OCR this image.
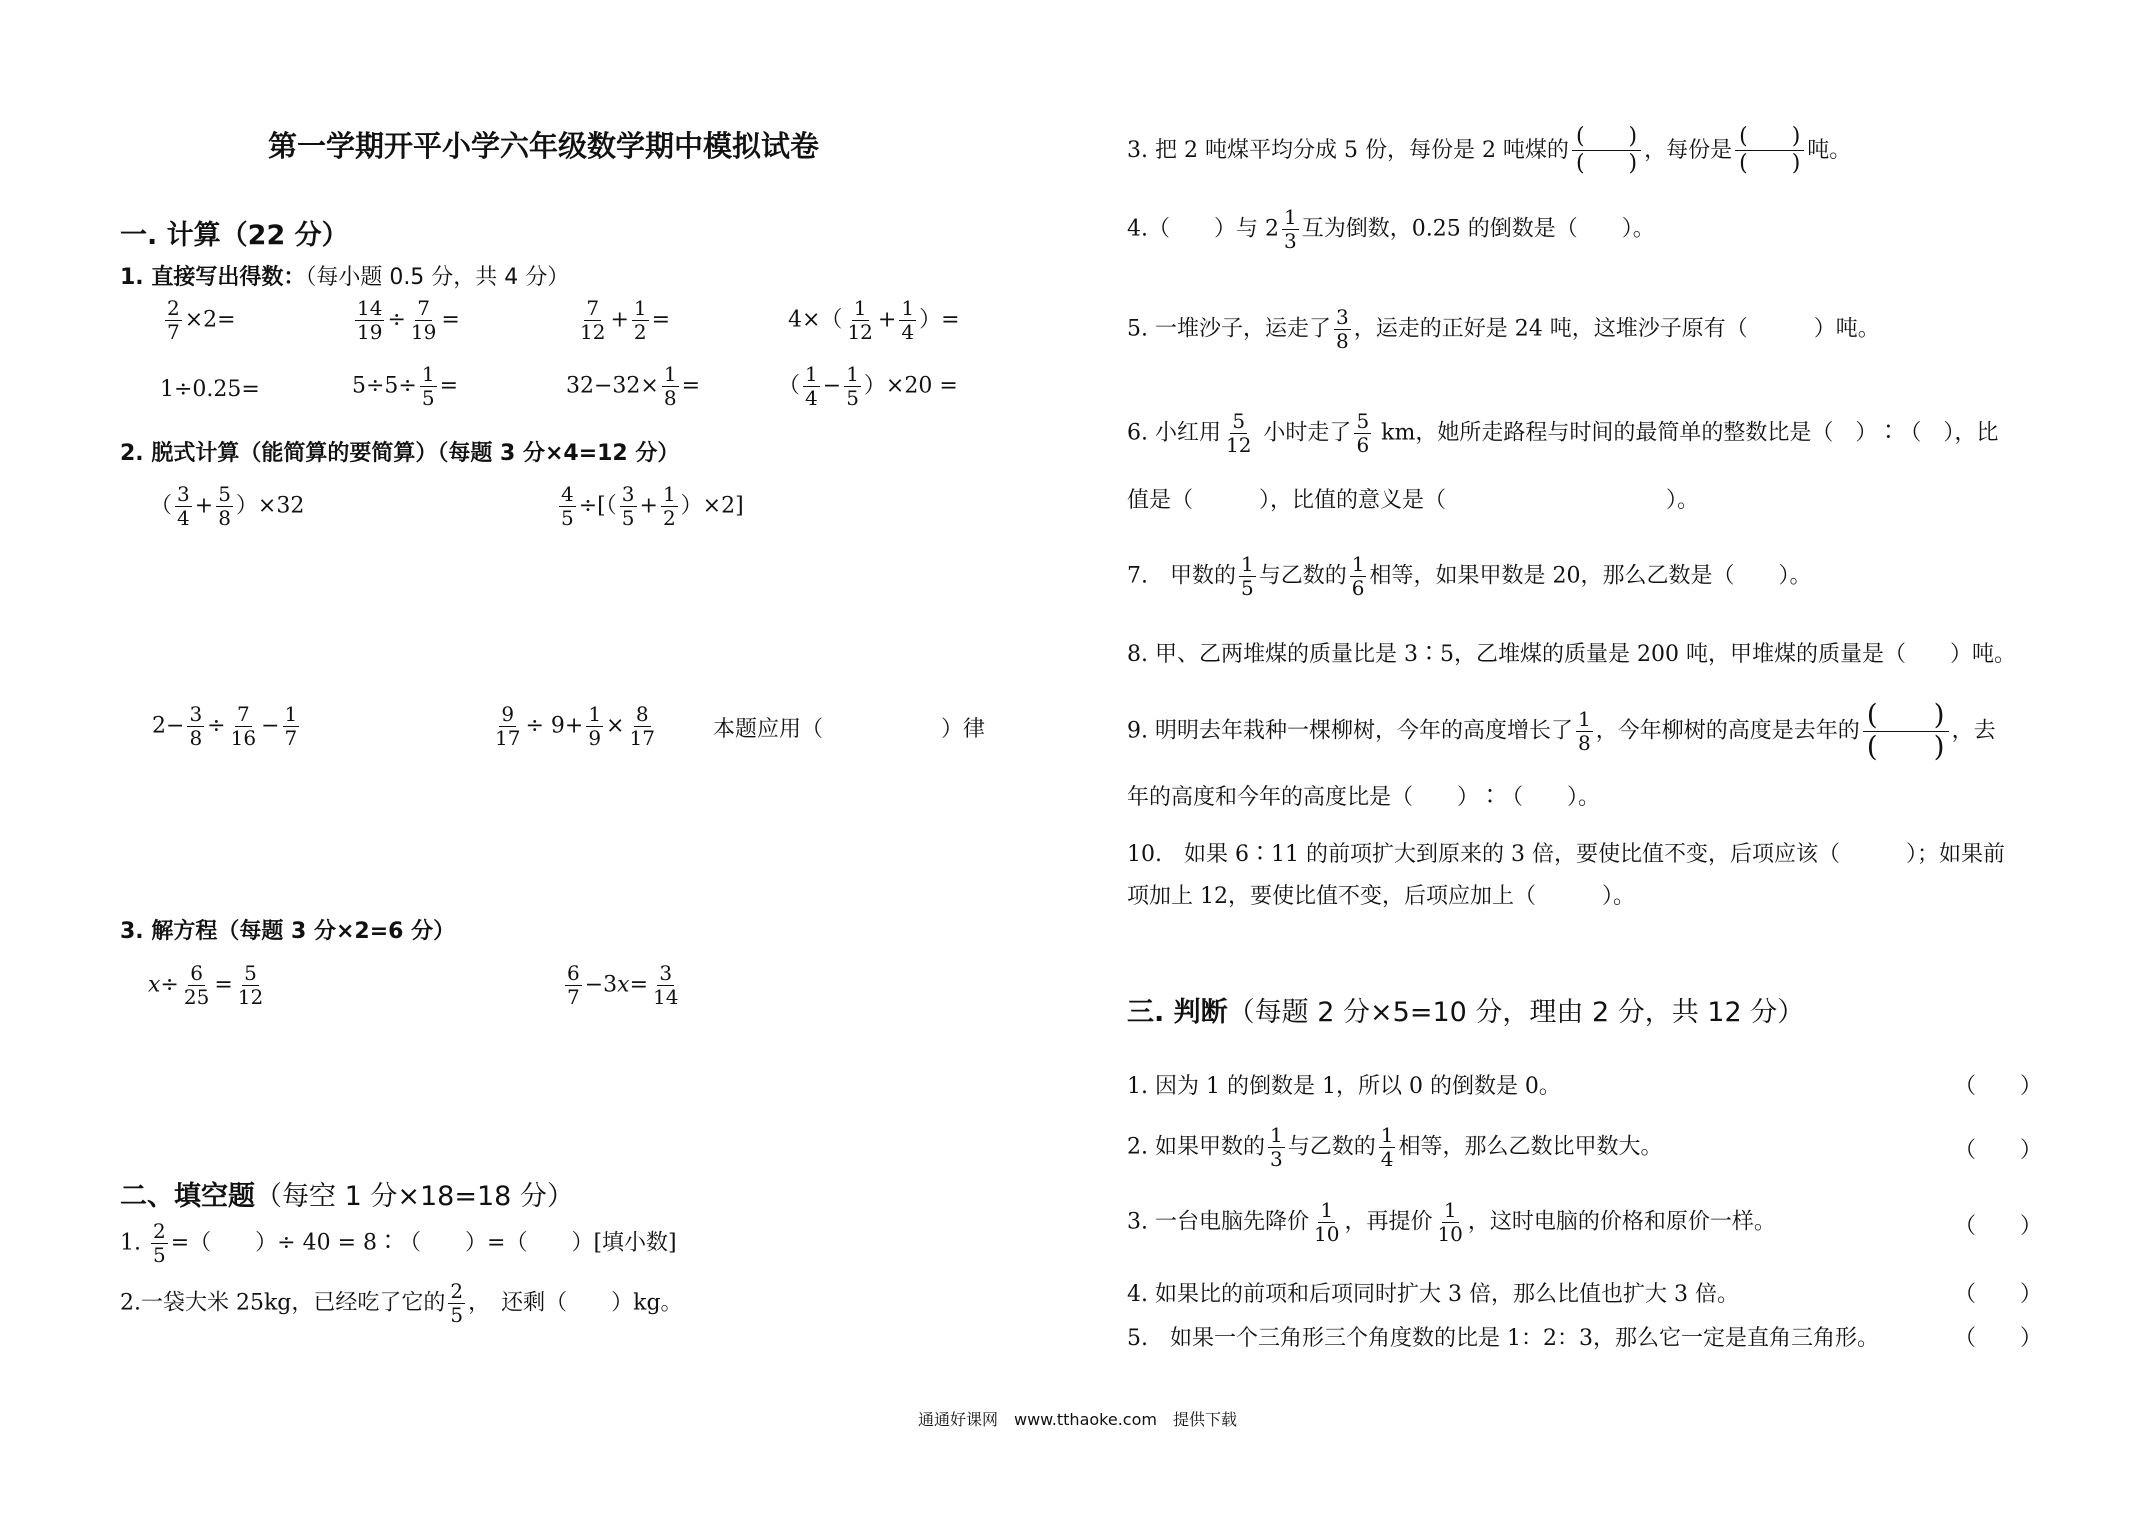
第一学期开平小学六年级数学期中模拟试卷
一. 计算（22 分）
1. 直接写出得数：（每小题 0.5 分，共 4 分）
$\frac{2}{7} \times 2=$	$\frac{14}{19} \div \frac{7}{19}$ =	$\frac{7}{12} + \frac{1}{2}$ =	$4\times( \frac{1}{12} + \frac{1}{4}$ ）=
1÷0.25=	$5\div 5\div \frac{1}{5}$ =	$32-32\times \frac{1}{8}$ =	（ $\frac{1}{4} - \frac{1}{5} )\times 20$ =
2. 脱式计算（能简算的要简算）（每题 3 分×4=12 分）
（ $\frac{3}{4} + \frac{5}{8} )\times 32$	$\frac{4}{5}$ ÷[（ $\frac{3}{5} + \frac{1}{2} )\times 2$]
$2- \frac{3}{8} \div \frac{7}{16} - \frac{1}{7}$	$\frac{9}{17} \div 9+ \frac{1}{9} \times \frac{8}{17}$	本题应用（	）律
3. 解方程（每题 3 分×2=6 分）
$x\div \frac{6}{25} = \frac{5}{12}$	$\frac{6}{7} -3x= \frac{3}{14}$
二、填空题（每空 1 分×18=18 分）
1. $\frac{2}{5}$ =（　　）÷ 40 = 8∶（　　）=（　　）[填小数]
2.一袋大米 25kg，已经吃了它的 $\frac{2}{5}$ ，　还剩（　　）kg。
3. 把 2 吨煤平均分成 5 份，每份是 2 吨煤的
(　　)
(　　)
，每份是
(　　)
(　　)
吨。
4.（　　）与 $2 \frac{1}{3}$ 互为倒数，0.25 的倒数是（　　）。
5. 一堆沙子，运走了 $\frac{3}{8}$ ，运走的正好是 24 吨，这堆沙子原有（　　　）吨。
6. 小红用 $\frac{5}{12}$ 小时走了 $\frac{5}{6}$ km，她所走路程与时间的最简单的整数比是（　）∶（　），比
值是（　　　），比值的意义是（　　　　　　　　　　）。
7.　甲数的 $\frac{1}{5}$ 与乙数的 $\frac{1}{6}$ 相等，如果甲数是 20，那么乙数是（　　）。
8. 甲、乙两堆煤的质量比是 3∶5，乙堆煤的质量是 200 吨，甲堆煤的质量是（　　）吨。
9. 明明去年栽种一棵柳树，今年的高度增长了 $\frac{1}{8}$ ，今年柳树的高度是去年的 (　　)
(　　) ，去
年的高度和今年的高度比是（　　）∶（　　）。
10.　如果 6∶11 的前项扩大到原来的 3 倍，要使比值不变，后项应该（　　　）；如果前
项加上 12，要使比值不变，后项应加上（　　　）。
三. 判断（每题 2 分×5=10 分，理由 2 分，共 12 分）
1. 因为 1 的倒数是 1，所以 0 的倒数是 0。	（　　）
2. 如果甲数的 $\frac{1}{3}$ 与乙数的 $\frac{1}{4}$ 相等，那么乙数比甲数大。	（　　）
3. 一台电脑先降价 $\frac{1}{10}$ ，再提价 $\frac{1}{10}$ ，这时电脑的价格和原价一样。	（　　）
4. 如果比的前项和后项同时扩大 3 倍，那么比值也扩大 3 倍。	（　　）
5.　如果一个三角形三个角度数的比是 1：2：3，那么它一定是直角三角形。	（　　）
通通好课网　www.tthaoke.com　提供下载
